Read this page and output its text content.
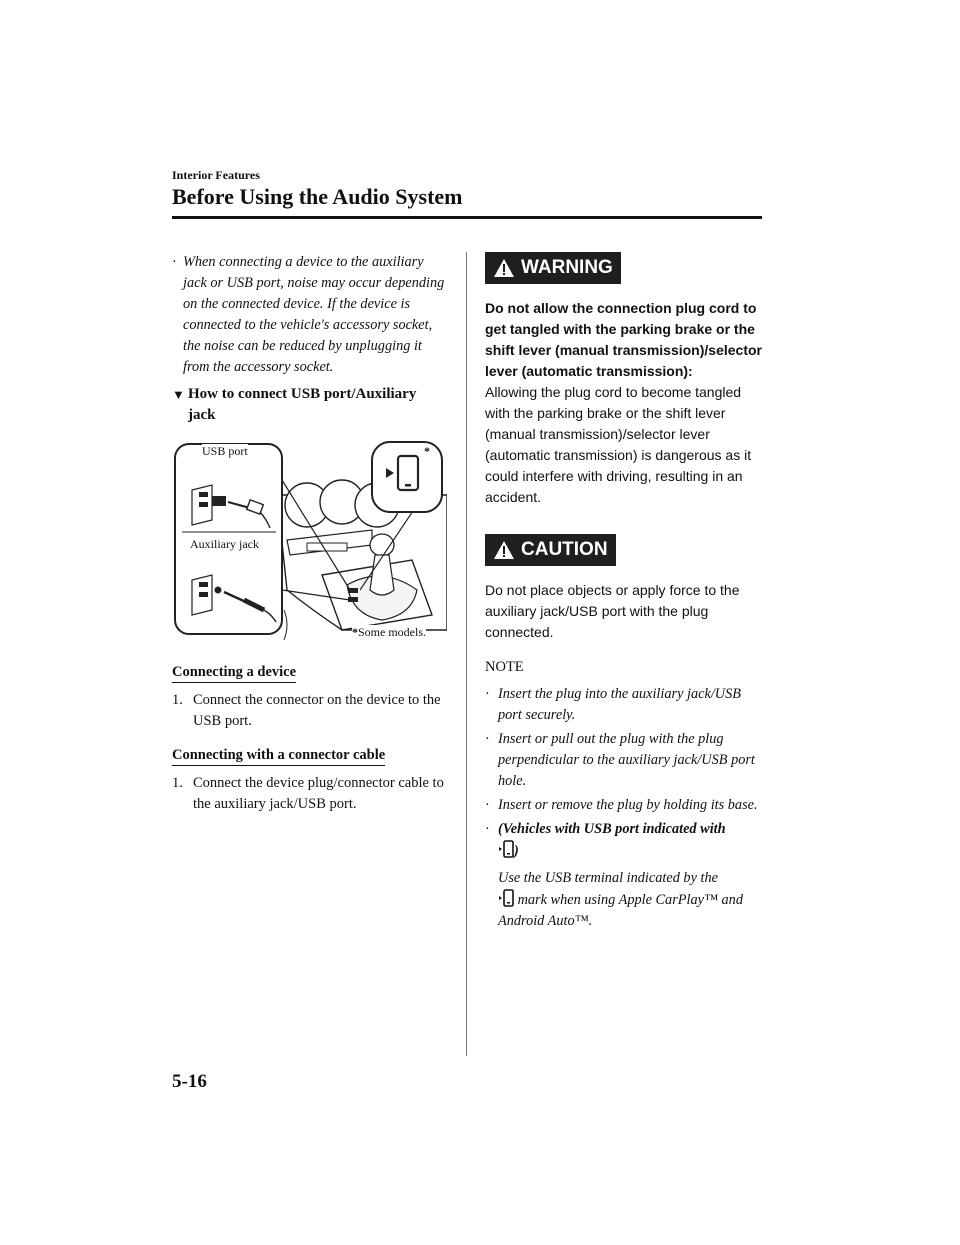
Interior Features
Before Using the Audio System
· When connecting a device to the auxiliary jack or USB port, noise may occur depending on the connected device. If the device is connected to the vehicle's accessory socket, the noise can be reduced by unplugging it from the accessory socket.
▼ How to connect USB port/Auxiliary jack
USB port
Auxiliary jack
*
*Some models.
Connecting a device
1. Connect the connector on the device to the USB port.
Connecting with a connector cable
1. Connect the device plug/connector cable to the auxiliary jack/USB port.
WARNING
Do not allow the connection plug cord to get tangled with the parking brake or the shift lever (manual transmission)/selector lever (automatic transmission):
Allowing the plug cord to become tangled with the parking brake or the shift lever (manual transmission)/selector lever (automatic transmission) is dangerous as it could interfere with driving, resulting in an accident.
CAUTION
Do not place objects or apply force to the auxiliary jack/USB port with the plug connected.
NOTE
· Insert the plug into the auxiliary jack/USB port securely.
· Insert or pull out the plug with the plug perpendicular to the auxiliary jack/USB port hole.
· Insert or remove the plug by holding its base.
· (Vehicles with USB port indicated with
)
Use the USB terminal indicated by the
mark when using Apple CarPlay™ and Android Auto™.
5-16
